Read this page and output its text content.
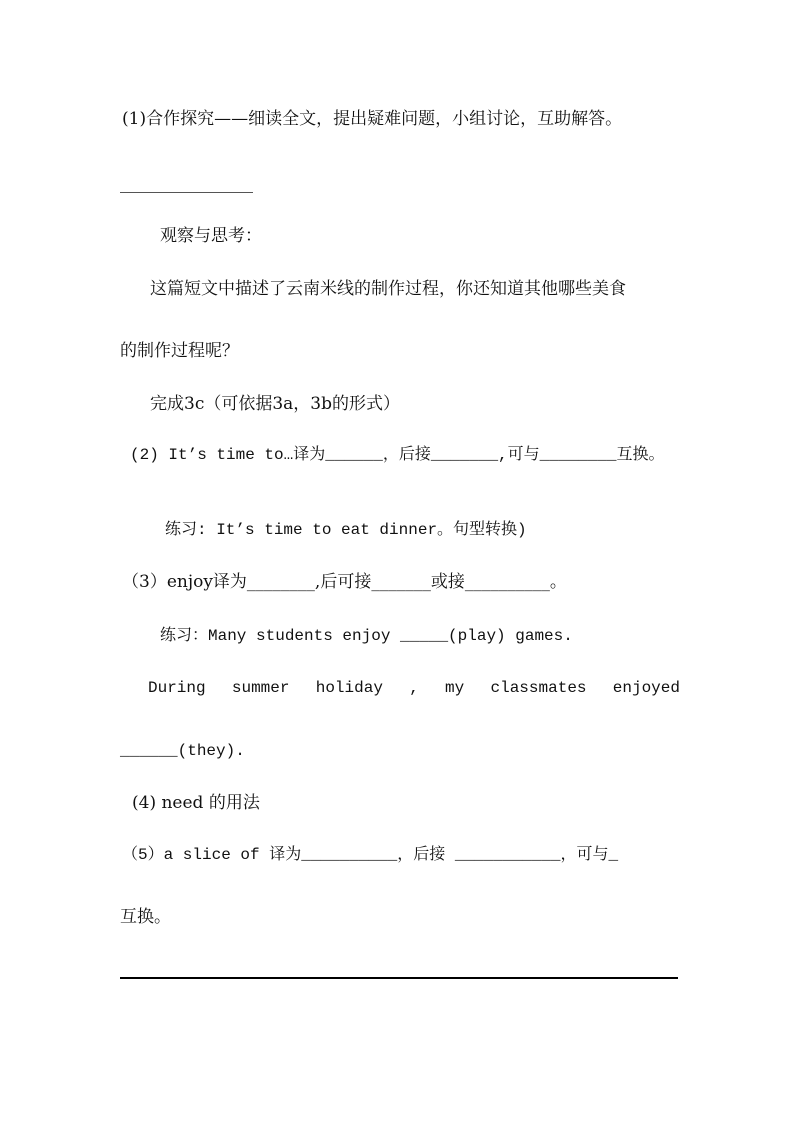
(1)合作探究——细读全文，提出疑难问题，小组讨论，互助解答。
观察与思考：
这篇短文中描述了云南米线的制作过程，你还知道其他哪些美食
的制作过程呢？
完成3c（可依据3a，3b的形式）
(2) It’s time to…译为______，后接_______,可与________互换。
练习: It’s time to eat dinner。句型转换)
（3）enjoy译为________,后可接_______或接__________。
练习：Many students enjoy _____(play) games.
During summer holiday , my classmates enjoyed
______(they).
(4) need 的用法
（5）a slice of 译为__________，后接 ___________，可与_
互换。
